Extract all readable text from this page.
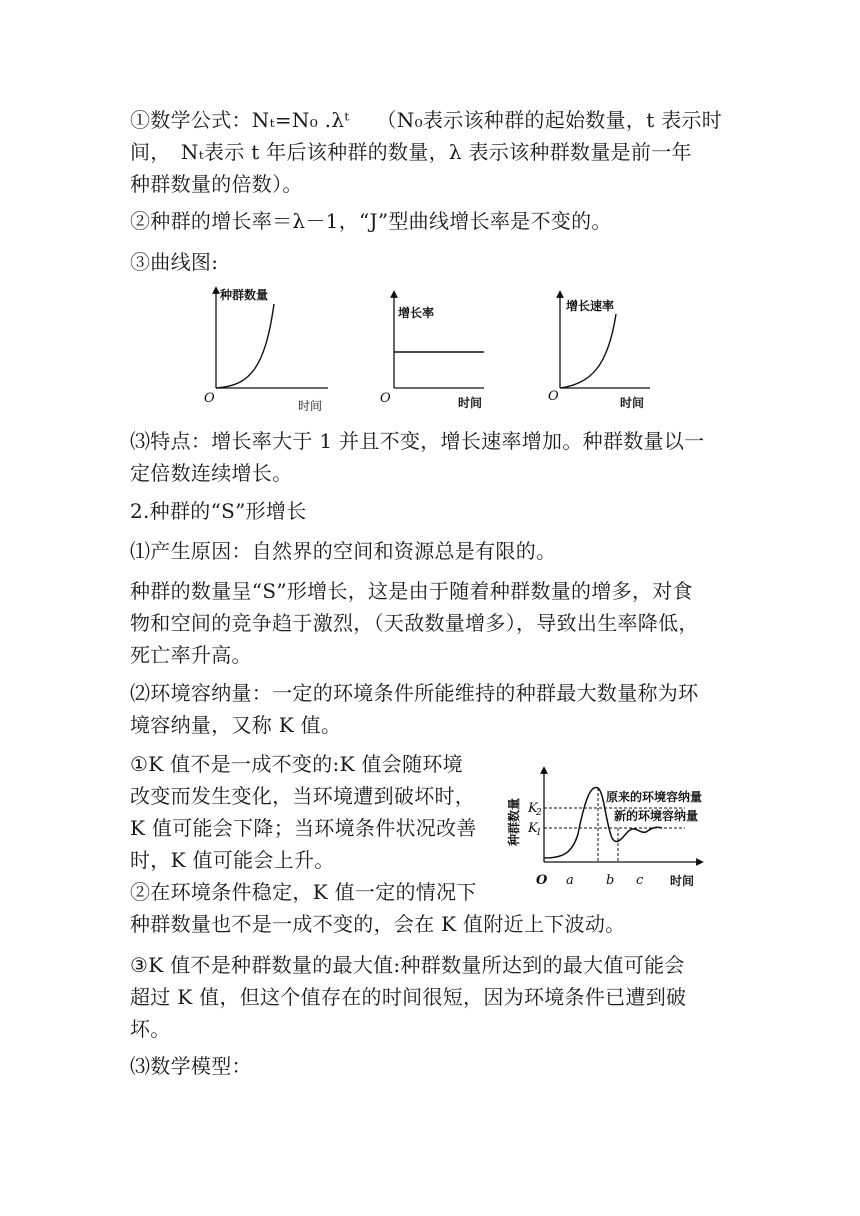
①数学公式：Nₜ=N₀ .λᵗ　 （N₀表示该种群的起始数量，t 表示时
间，　Nₜ表示 t 年后该种群的数量，λ 表示该种群数量是前一年
种群数量的倍数）。
②种群的增长率＝λ－1，“J”型曲线增长率是不变的。
③曲线图:
⑶特点：增长率大于 1 并且不变，增长速率增加。种群数量以一
定倍数连续增长。
2.种群的“S”形增长
⑴产生原因：自然界的空间和资源总是有限的。
种群的数量呈“S”形增长，这是由于随着种群数量的增多，对食
物和空间的竞争趋于激烈，（天敌数量增多），导致出生率降低，
死亡率升高。
⑵环境容纳量：一定的环境条件所能维持的种群最大数量称为环
境容纳量，又称 K 值。
①K 值不是一成不变的:K 值会随环境
改变而发生变化，当环境遭到破坏时，
K 值可能会下降；当环境条件状况改善
时，K 值可能会上升。
②在环境条件稳定，K 值一定的情况下
种群数量也不是一成不变的，会在 K 值附近上下波动。
③K 值不是种群数量的最大值:种群数量所达到的最大值可能会
超过 K 值，但这个值存在的时间很短，因为环境条件已遭到破
坏。
⑶数学模型：
种群数量
O	时间
增长率
O	时间
增长速率
O	时间
种群数量 K
2
K
1
原来的环境容纳量
新的环境容纳量
O a b c 时间
